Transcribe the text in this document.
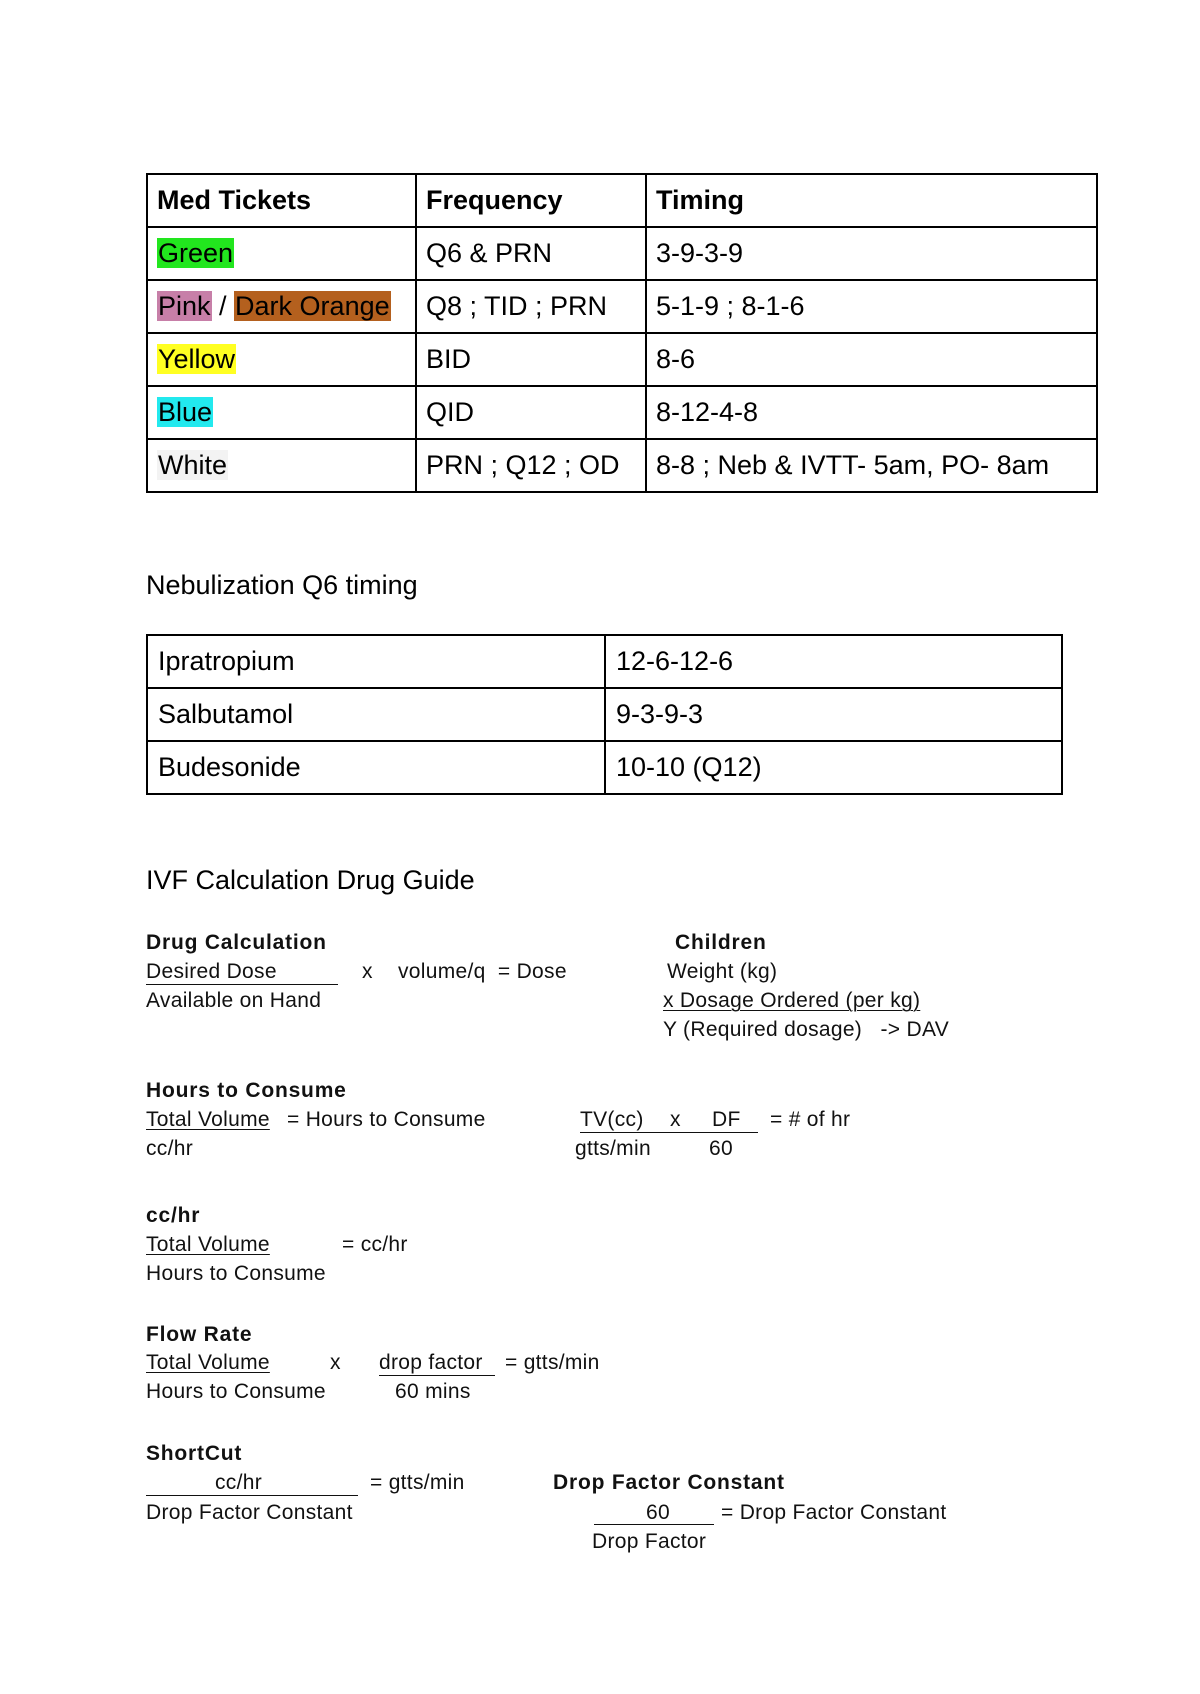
Med Tickets	Frequency	Timing
Green	Q6 & PRN	3-9-3-9
Pink / Dark Orange	Q8 ; TID ; PRN	5-1-9 ; 8-1-6
Yellow	BID	8-6
Blue	QID	8-12-4-8
White	PRN ; Q12 ; OD	8-8 ; Neb & IVTT- 5am, PO- 8am
Nebulization Q6 timing
Ipratropium	12-6-12-6
Salbutamol	9-3-9-3
Budesonide	10-10 (Q12)
IVF Calculation Drug Guide
Drug Calculation
Desired Dose	x volume/q  = Dose
Available on Hand
Children
Weight (kg)
x Dosage Ordered (per kg)
Y (Required dosage)   -> DAV
Hours to Consume
Total Volume = Hours to Consume
cc/hr
TV(cc) x DF = # of hr
gtts/min	60
cc/hr
Total Volume	= cc/hr
Hours to Consume
Flow Rate
Total Volume	x drop factor = gtts/min
Hours to Consume	60 mins
ShortCut
cc/hr	= gtts/min
Drop Factor Constant
Drop Factor Constant
60 = Drop Factor Constant
Drop Factor
